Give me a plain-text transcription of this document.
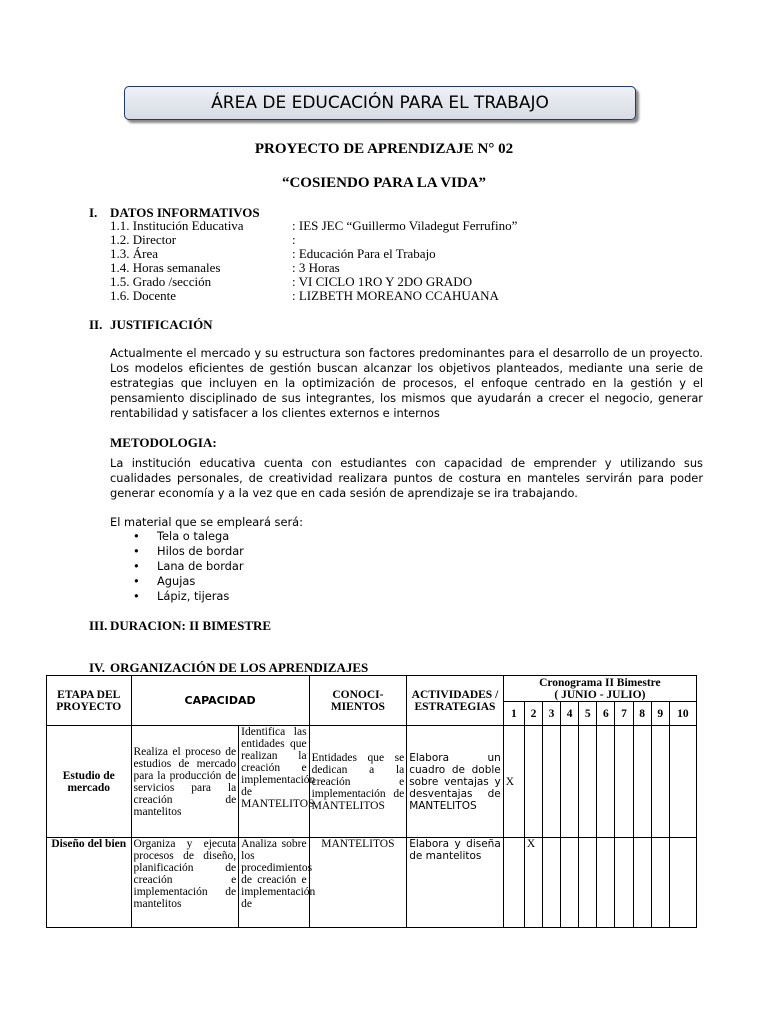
ÁREA DE EDUCACIÓN PARA EL TRABAJO
PROYECTO DE APRENDIZAJE N° 02
“COSIENDO PARA LA VIDA”
I. DATOS INFORMATIVOS
1.1. Institución Educativa	: IES JEC “Guillermo Viladegut Ferrufino”
1.2. Director	:
1.3. Área	: Educación Para el Trabajo
1.4. Horas semanales	: 3 Horas
1.5. Grado /sección	: VI CICLO 1RO Y 2DO GRADO
1.6. Docente	: LIZBETH MOREANO CCAHUANA
II. JUSTIFICACIÓN
Actualmente el mercado y su estructura son factores predominantes para el desarrollo de un proyecto. Los modelos eficientes de gestión buscan alcanzar los objetivos planteados, mediante una serie de estrategias que incluyen en la optimización de procesos, el enfoque centrado en la gestión y el pensamiento disciplinado de sus integrantes, los mismos que ayudarán a crecer el negocio, generar rentabilidad y satisfacer a los clientes externos e internos
METODOLOGIA:
La institución educativa cuenta con estudiantes con capacidad de emprender y utilizando sus cualidades personales, de creatividad realizara puntos de costura en manteles servirán para poder generar economía y a la vez que en cada sesión de aprendizaje se ira trabajando.
El material que se empleará será:
• Tela o talega
• Hilos de bordar
• Lana de bordar
• Agujas
• Lápiz, tijeras
III. DURACION: II BIMESTRE
IV. ORGANIZACIÓN DE LOS APRENDIZAJES
ETAPA DEL PROYECTO	CAPACIDAD		CONOCI-MIENTOS	ACTIVIDADES / ESTRATEGIAS	Cronograma II Bimestre
( JUNIO - JULIO)									

					1	2	3	4	5	6	7	8	9	10
Estudio de mercado	Realiza el proceso de estudios de mercado para la producción de servicios para la creación de mantelitos	Identifica las entidades que realizan la creación e implementación de MANTELITOS.	Entidades que se dedican a la creación e implementación de MANTELITOS	Elabora un cuadro de doble sobre ventajas y desventajas de MANTELITOS	X									
Diseño del bien	Organiza y ejecuta procesos de diseño, planificación de creación e implementación de mantelitos	Analiza sobre los procedimientos de creación e implementación de	MANTELITOS	Elabora y diseña de mantelitos		X								
